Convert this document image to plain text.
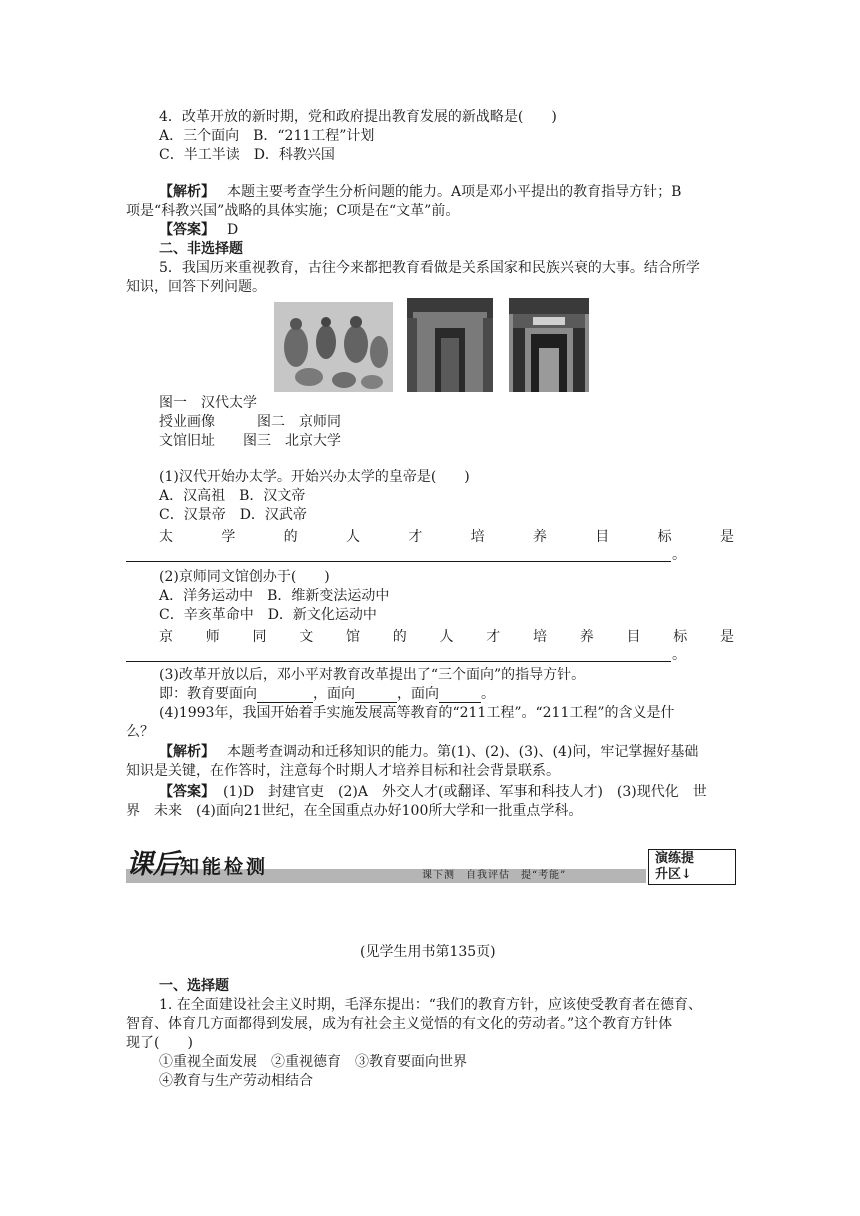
4．改革开放的新时期，党和政府提出教育发展的新战略是(　　)
A．三个面向　B．“211工程”计划
C．半工半读　D．科教兴国
【解析】 本题主要考查学生分析问题的能力。A项是邓小平提出的教育指导方针；B
项是“科教兴国”战略的具体实施；C项是在“文革”前。
【答案】 D
二、非选择题
5．我国历来重视教育，古往今来都把教育看做是关系国家和民族兴衰的大事。结合所学
知识，回答下列问题。
图一　汉代太学
授业画像　　　图二　京师同
文馆旧址　　图三　北京大学
(1)汉代开始办太学。开始兴办太学的皇帝是(　　)
A．汉高祖　B．汉文帝
C．汉景帝　D．汉武帝
太	学	的	人	才	培	养	目	标	是
。
(2)京师同文馆创办于(　　)
A．洋务运动中　B．维新变法运动中
C．辛亥革命中　D．新文化运动中
京 师 同 文 馆 的 人 才 培 养 目 标 是
。
(3)改革开放以后，邓小平对教育改革提出了“三个面向”的指导方针。
即：教育要面向	，面向	，面向	。
(4)1993年，我国开始着手实施发展高等教育的“211工程”。“211工程”的含义是什
么？
【解析】 本题考查调动和迁移知识的能力。第(1)、(2)、(3)、(4)问，牢记掌握好基础
知识是关键，在作答时，注意每个时期人才培养目标和社会背景联系。
【答案】 (1)D　封建官吏　(2)A　外交人才(或翻译、军事和科技人才)　(3)现代化　世
界　未来　(4)面向21世纪，在全国重点办好100所大学和一批重点学科。
课后知能检测	课下测　自我评估　提“考能”
演练提
升区↓
(见学生用书第135页)
一、选择题
1. 在全面建设社会主义时期，毛泽东提出：“我们的教育方针，应该使受教育者在德育、
智育、体育几方面都得到发展，成为有社会主义觉悟的有文化的劳动者。”这个教育方针体
现了(　　)
①重视全面发展　②重视德育　③教育要面向世界
④教育与生产劳动相结合
